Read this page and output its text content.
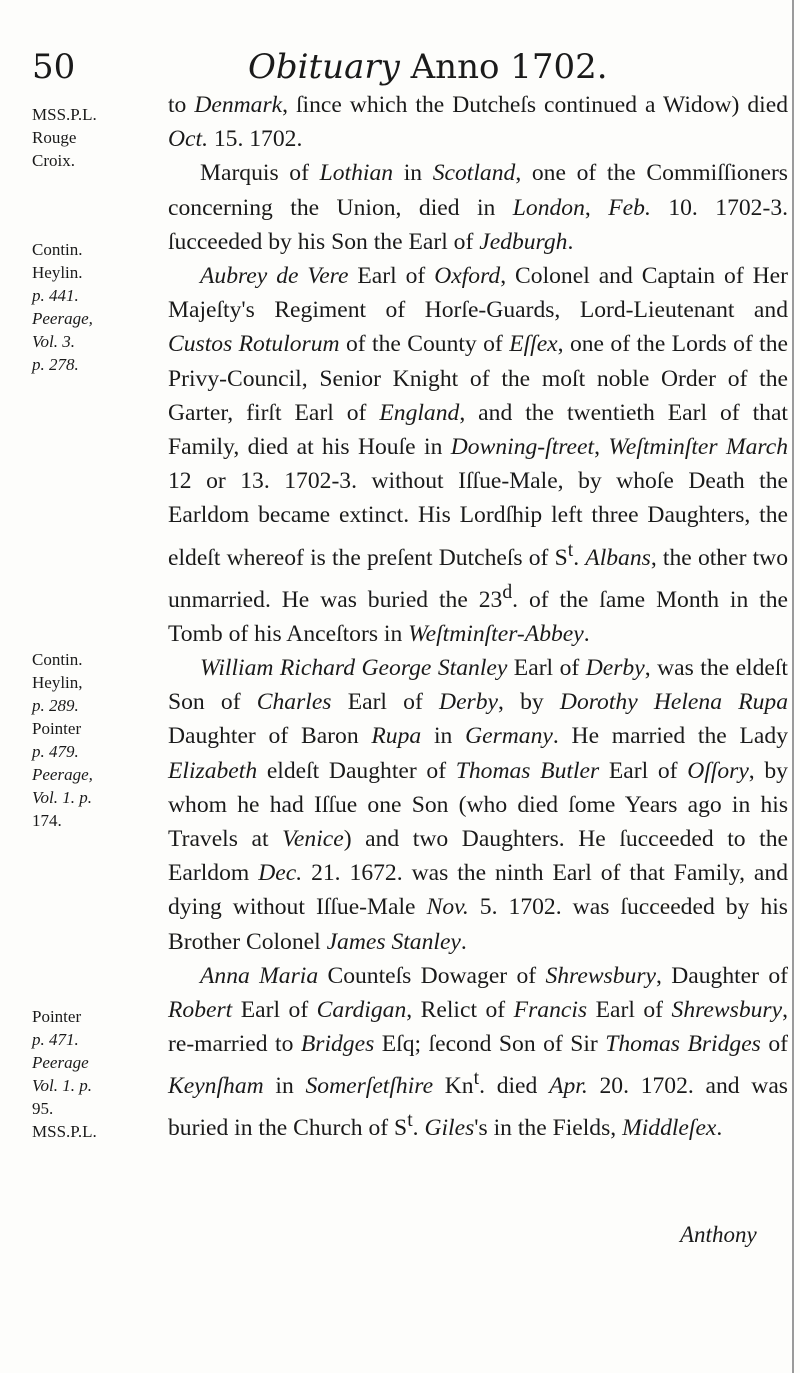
50	Obituary Anno 1702.
MSS.P.L.
Rouge
Croix.
Contin.
Heylin.
p. 441.
Peerage,
Vol. 3.
p. 278.
Contin.
Heylin,
p. 289.
Pointer
p. 479.
Peerage,
Vol. 1. p.
174.
Pointer
p. 471.
Peerage
Vol. 1. p.
95.
MSS.P.L.

to Denmark, ſince which the Dutcheſs continued a Widow) died Oct. 15. 1702.

Marquis of Lothian in Scotland, one of the Commiſſioners concerning the Union, died in London, Feb. 10. 1702-3. ſucceeded by his Son the Earl of Jedburgh.

Aubrey de Vere Earl of Oxford, Colonel and Captain of Her Majeſty's Regiment of Horſe-Guards, Lord-Lieutenant and Custos Rotulorum of the County of Eſſex, one of the Lords of the Privy-Council, Senior Knight of the moſt noble Order of the Garter, firſt Earl of England, and the twentieth Earl of that Family, died at his Houſe in Downing-ſtreet, Weſtminſter March 12 or 13. 1702-3. without Iſſue-Male, by whoſe Death the Earldom became extinct. His Lordſhip left three Daughters, the eldeſt whereof is the preſent Dutcheſs of $S^t$. Albans, the other two unmarried. He was buried the 23$^d$. of the ſame Month in the Tomb of his Anceſtors in Weſtminſter-Abbey.

William Richard George Stanley Earl of Derby, was the eldeſt Son of Charles Earl of Derby, by Dorothy Helena Rupa Daughter of Baron Rupa in Germany. He married the Lady Elizabeth eldeſt Daughter of Thomas Butler Earl of Oſſory, by whom he had Iſſue one Son (who died ſome Years ago in his Travels at Venice) and two Daughters. He ſucceeded to the Earldom Dec. 21. 1672. was the ninth Earl of that Family, and dying without Iſſue-Male Nov. 5. 1702. was ſucceeded by his Brother Colonel James Stanley.

Anna Maria Counteſs Dowager of Shrewsbury, Daughter of Robert Earl of Cardigan, Relict of Francis Earl of Shrewsbury, re-married to Bridges Eſq; ſecond Son of Sir Thomas Bridges of Keynſham in Somerſetſhire Kn$^t$. died Apr. 20. 1702. and was buried in the Church of $S^t$. Giles's in the Fields, Middleſex.

Anthony
